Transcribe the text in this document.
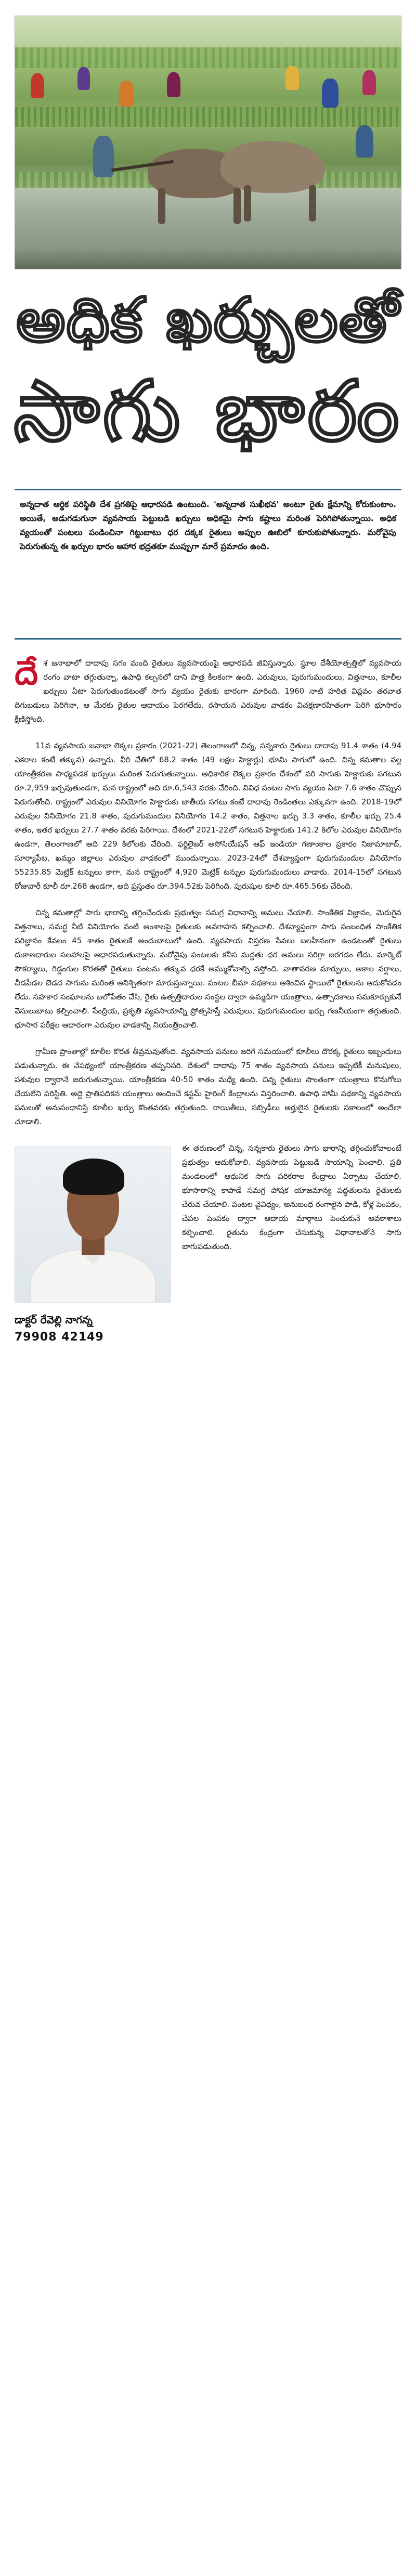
అధిక ఖర్చులతో
సాగు భారం

అన్నదాత ఆర్థిక పరిస్థితి దేశ ప్రగతిపై ఆధారపడి ఉంటుంది. 'అన్నదాత సుఖీభవ' అంటూ రైతు క్షేమాన్ని కోరుకుంటాం. అయితే, అడుగడుగునా వ్యవసాయ పెట్టుబడి ఖర్చులు అధికమై సాగు కష్టాలు మరింత పెరిగిపోతున్నాయి. అధిక వ్యయంతో పంటలు పండించినా గిట్టుబాటు ధర దక్కక రైతులు అప్పుల ఊబిలో కూరుకుపోతున్నారు. మరోవైపు పెరుగుతున్న ఈ ఖర్చుల భారం ఆహార భద్రతకూ ముప్పుగా మారే ప్రమాదం ఉంది.

దే శ జనాభాలో దాదాపు సగం మంది రైతులు వ్యవసాయంపై ఆధారపడి జీవిస్తున్నారు. స్థూల దేశీయోత్పత్తిలో వ్యవసాయ రంగం వాటా తగ్గుతున్నా, ఉపాధి కల్పనలో దాని పాత్ర కీలకంగా ఉంది. ఎరువులు, పురుగుమందులు, విత్తనాలు, కూలీల ఖర్చులు ఏటా పెరుగుతుండటంతో సాగు వ్యయం రైతుకు భారంగా మారింది. 1960 నాటి హరిత విప్లవం తరవాత దిగుబడులు పెరిగినా, ఆ మేరకు రైతుల ఆదాయం పెరగలేదు. రసాయన ఎరువుల వాడకం విచక్షణారహితంగా పెరిగి భూసారం క్షీణిస్తోంది.

11వ వ్యవసాయ జనాభా లెక్కల ప్రకారం (2021-22) తెలంగాణలో చిన్న, సన్నకారు రైతులు దాదాపు 91.4 శాతం (4.94 ఎకరాల కంటే తక్కువ) ఉన్నారు. వీరి చేతిలో 68.2 శాతం (49 లక్షల హెక్టార్లు) భూమి సాగులో ఉంది. చిన్న కమతాల వల్ల యాంత్రీకరణ సాధ్యపడక ఖర్చులు మరింత పెరుగుతున్నాయి. అధికారిక లెక్కల ప్రకారం దేశంలో వరి సాగుకు హెక్టారుకు సగటున రూ.2,959 ఖర్చవుతుండగా, మన రాష్ట్రంలో అది రూ.6,543 వరకు చేరింది. వివిధ పంటల సాగు వ్యయం ఏటా 7.6 శాతం చొప్పున పెరుగుతోంది. రాష్ట్రంలో ఎరువుల వినియోగం హెక్టారుకు జాతీయ సగటు కంటే దాదాపు రెండింతలు ఎక్కువగా ఉంది. 2018-19లో ఎరువుల వినియోగం 21.8 శాతం, పురుగుమందుల వినియోగం 14.2 శాతం, విత్తనాల ఖర్చు 3.3 శాతం, కూలీల ఖర్చు 25.4 శాతం, ఇతర ఖర్చులు 27.7 శాతం వరకు పెరిగాయి. దేశంలో 2021-22లో సగటున హెక్టారుకు 141.2 కిలోల ఎరువుల వినియోగం ఉండగా, తెలంగాణలో అది 229 కిలోలకు చేరింది. ఫర్టిలైజర్ అసోసియేషన్ ఆఫ్ ఇండియా గణాంకాల ప్రకారం నిజామాబాద్, సూర్యాపేట, ఖమ్మం జిల్లాలు ఎరువుల వాడకంలో ముందున్నాయి. 2023-24లో దేశవ్యాప్తంగా పురుగుమందుల వినియోగం 55235.85 మెట్రిక్ టన్నులు కాగా, మన రాష్ట్రంలో 4,920 మెట్రిక్ టన్నుల పురుగుమందులు వాడారు. 2014-15లో సగటున రోజువారీ కూలీ రూ.268 ఉండగా, అది ప్రస్తుతం రూ.394.52కు పెరిగింది. పురుషుల కూలి రూ.465.56కు చేరింది.

చిన్న కమతాల్లో సాగు భారాన్ని తగ్గించేందుకు ప్రభుత్వం సమగ్ర విధానాన్ని అమలు చేయాలి. సాంకేతిక విజ్ఞానం, మెరుగైన విత్తనాలు, సమర్థ నీటి వినియోగం వంటి అంశాలపై రైతులకు అవగాహన కల్పించాలి. దేశవ్యాప్తంగా సాగు సంబంధిత సాంకేతిక పరిజ్ఞానం కేవలం 45 శాతం రైతులకే అందుబాటులో ఉంది. వ్యవసాయ విస్తరణ సేవలు బలహీనంగా ఉండటంతో రైతులు దుకాణదారుల సలహాలపై ఆధారపడుతున్నారు. మరోవైపు పంటలకు కనీస మద్దతు ధర అమలు సరిగ్గా జరగడం లేదు. మార్కెట్ సౌకర్యాలు, గిడ్డంగుల కొరతతో రైతులు పంటను తక్కువ ధరకే అమ్ముకోవాల్సి వస్తోంది. వాతావరణ మార్పులు, అకాల వర్షాలు, చీడపీడల బెడద సాగును మరింత అనిశ్చితంగా మారుస్తున్నాయి. పంటల బీమా పథకాలు ఆశించిన స్థాయిలో రైతులను ఆదుకోవడం లేదు. సహకార సంఘాలను బలోపేతం చేసి, రైతు ఉత్పత్తిదారుల సంస్థల ద్వారా ఉమ్మడిగా యంత్రాలు, ఉత్పాదకాలు సమకూర్చుకునే వెసులుబాటు కల్పించాలి. సేంద్రియ, ప్రకృతి వ్యవసాయాన్ని ప్రోత్సహిస్తే ఎరువులు, పురుగుమందుల ఖర్చు గణనీయంగా తగ్గుతుంది. భూసార పరీక్షల ఆధారంగా ఎరువుల వాడకాన్ని నియంత్రించాలి.

గ్రామీణ ప్రాంతాల్లో కూలీల కొరత తీవ్రమవుతోంది. వ్యవసాయ పనులు జరిగే సమయంలో కూలీలు దొరక్క రైతులు ఇబ్బందులు పడుతున్నారు. ఈ నేపథ్యంలో యాంత్రీకరణ తప్పనిసరి. దేశంలో దాదాపు 75 శాతం వ్యవసాయ పనులు ఇప్పటికీ మనుషులు, పశువుల ద్వారానే జరుగుతున్నాయి. యాంత్రీకరణ 40-50 శాతం మధ్యే ఉంది. చిన్న రైతులు సొంతంగా యంత్రాలు కొనుగోలు చేయలేని పరిస్థితి. అద్దె ప్రాతిపదికన యంత్రాలు అందించే కస్టమ్ హైరింగ్ కేంద్రాలను విస్తరించాలి. ఉపాధి హామీ పథకాన్ని వ్యవసాయ పనులతో అనుసంధానిస్తే కూలీల ఖర్చు కొంతవరకు తగ్గుతుంది. రాయితీలు, సబ్సిడీలు అర్హులైన రైతులకు సకాలంలో అందేలా చూడాలి.

డాక్టర్ రేవెల్లి నాగన్న
79908 42149
ఈ తరుణంలో చిన్న, సన్నకారు రైతులు సాగు భారాన్ని తగ్గించుకోవాలంటే ప్రభుత్వం ఆదుకోవాలి. వ్యవసాయ పెట్టుబడి సాయాన్ని పెంచాలి. ప్రతి మండలంలో ఆధునిక సాగు పరికరాల కేంద్రాలు ఏర్పాటు చేయాలి. భూసారాన్ని కాపాడే సమగ్ర పోషక యాజమాన్య పద్ధతులను రైతులకు చేరువ చేయాలి. పంటల వైవిధ్యం, అనుబంధ రంగాలైన పాడి, కోళ్ల పెంపకం, చేపల పెంపకం ద్వారా ఆదాయ మార్గాలు పెంచుకునే అవకాశాలు కల్పించాలి. రైతును కేంద్రంగా చేసుకున్న విధానాలతోనే సాగు బాగుపడుతుంది.
